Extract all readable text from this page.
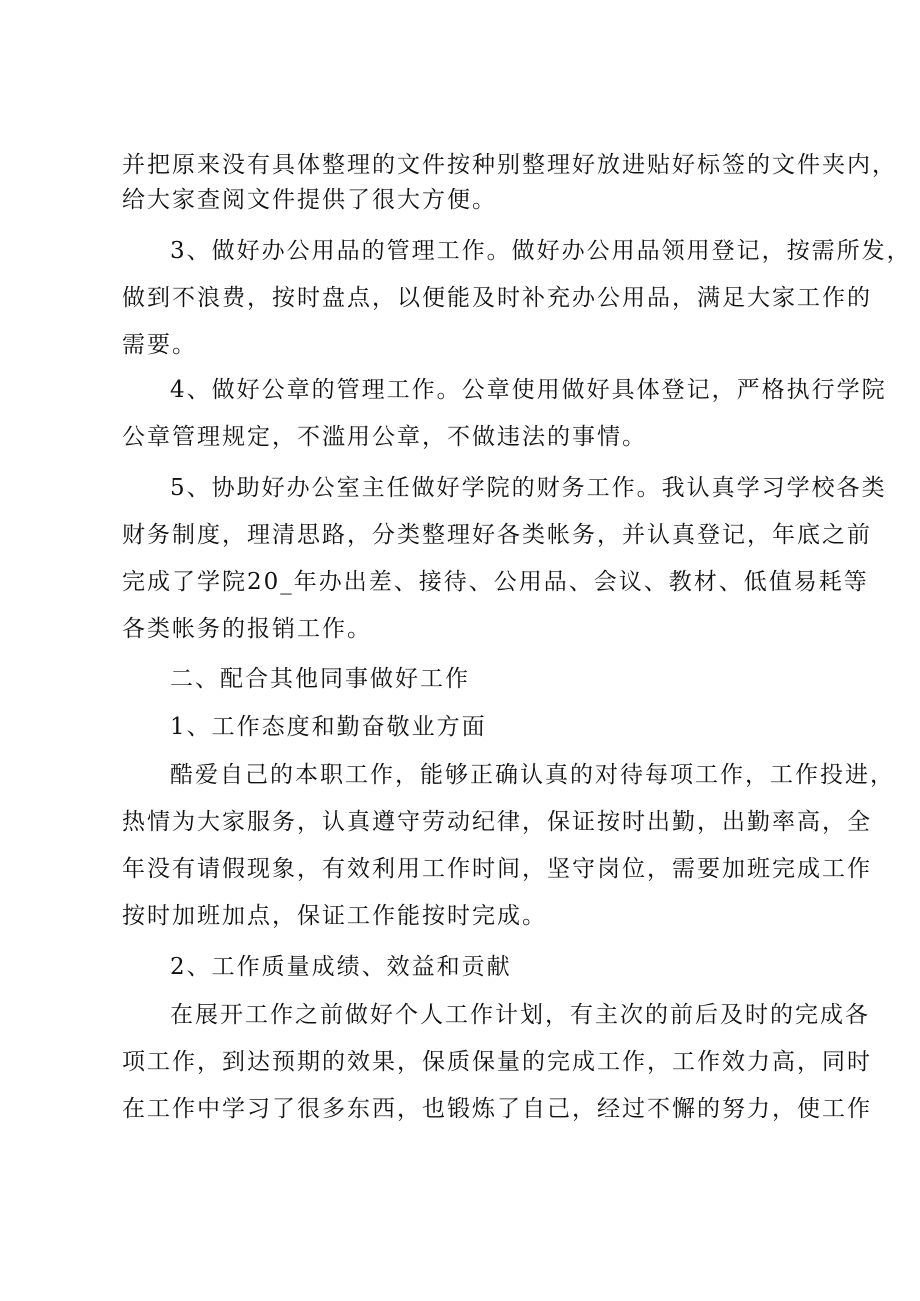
并把原来没有具体整理的文件按种别整理好放进贴好标签的文件夹内，
给大家查阅文件提供了很大方便。
3、做好办公用品的管理工作。做好办公用品领用登记，按需所发，
做到不浪费，按时盘点，以便能及时补充办公用品，满足大家工作的
需要。
4、做好公章的管理工作。公章使用做好具体登记，严格执行学院
公章管理规定，不滥用公章，不做违法的事情。
5、协助好办公室主任做好学院的财务工作。我认真学习学校各类
财务制度，理清思路，分类整理好各类帐务，并认真登记，年底之前
完成了学院20_年办出差、接待、公用品、会议、教材、低值易耗等
各类帐务的报销工作。
二、配合其他同事做好工作
1、工作态度和勤奋敬业方面
酷爱自己的本职工作，能够正确认真的对待每项工作，工作投进，
热情为大家服务，认真遵守劳动纪律，保证按时出勤，出勤率高，全
年没有请假现象，有效利用工作时间，坚守岗位，需要加班完成工作
按时加班加点，保证工作能按时完成。
2、工作质量成绩、效益和贡献
在展开工作之前做好个人工作计划，有主次的前后及时的完成各
项工作，到达预期的效果，保质保量的完成工作，工作效力高，同时
在工作中学习了很多东西，也锻炼了自己，经过不懈的努力，使工作
